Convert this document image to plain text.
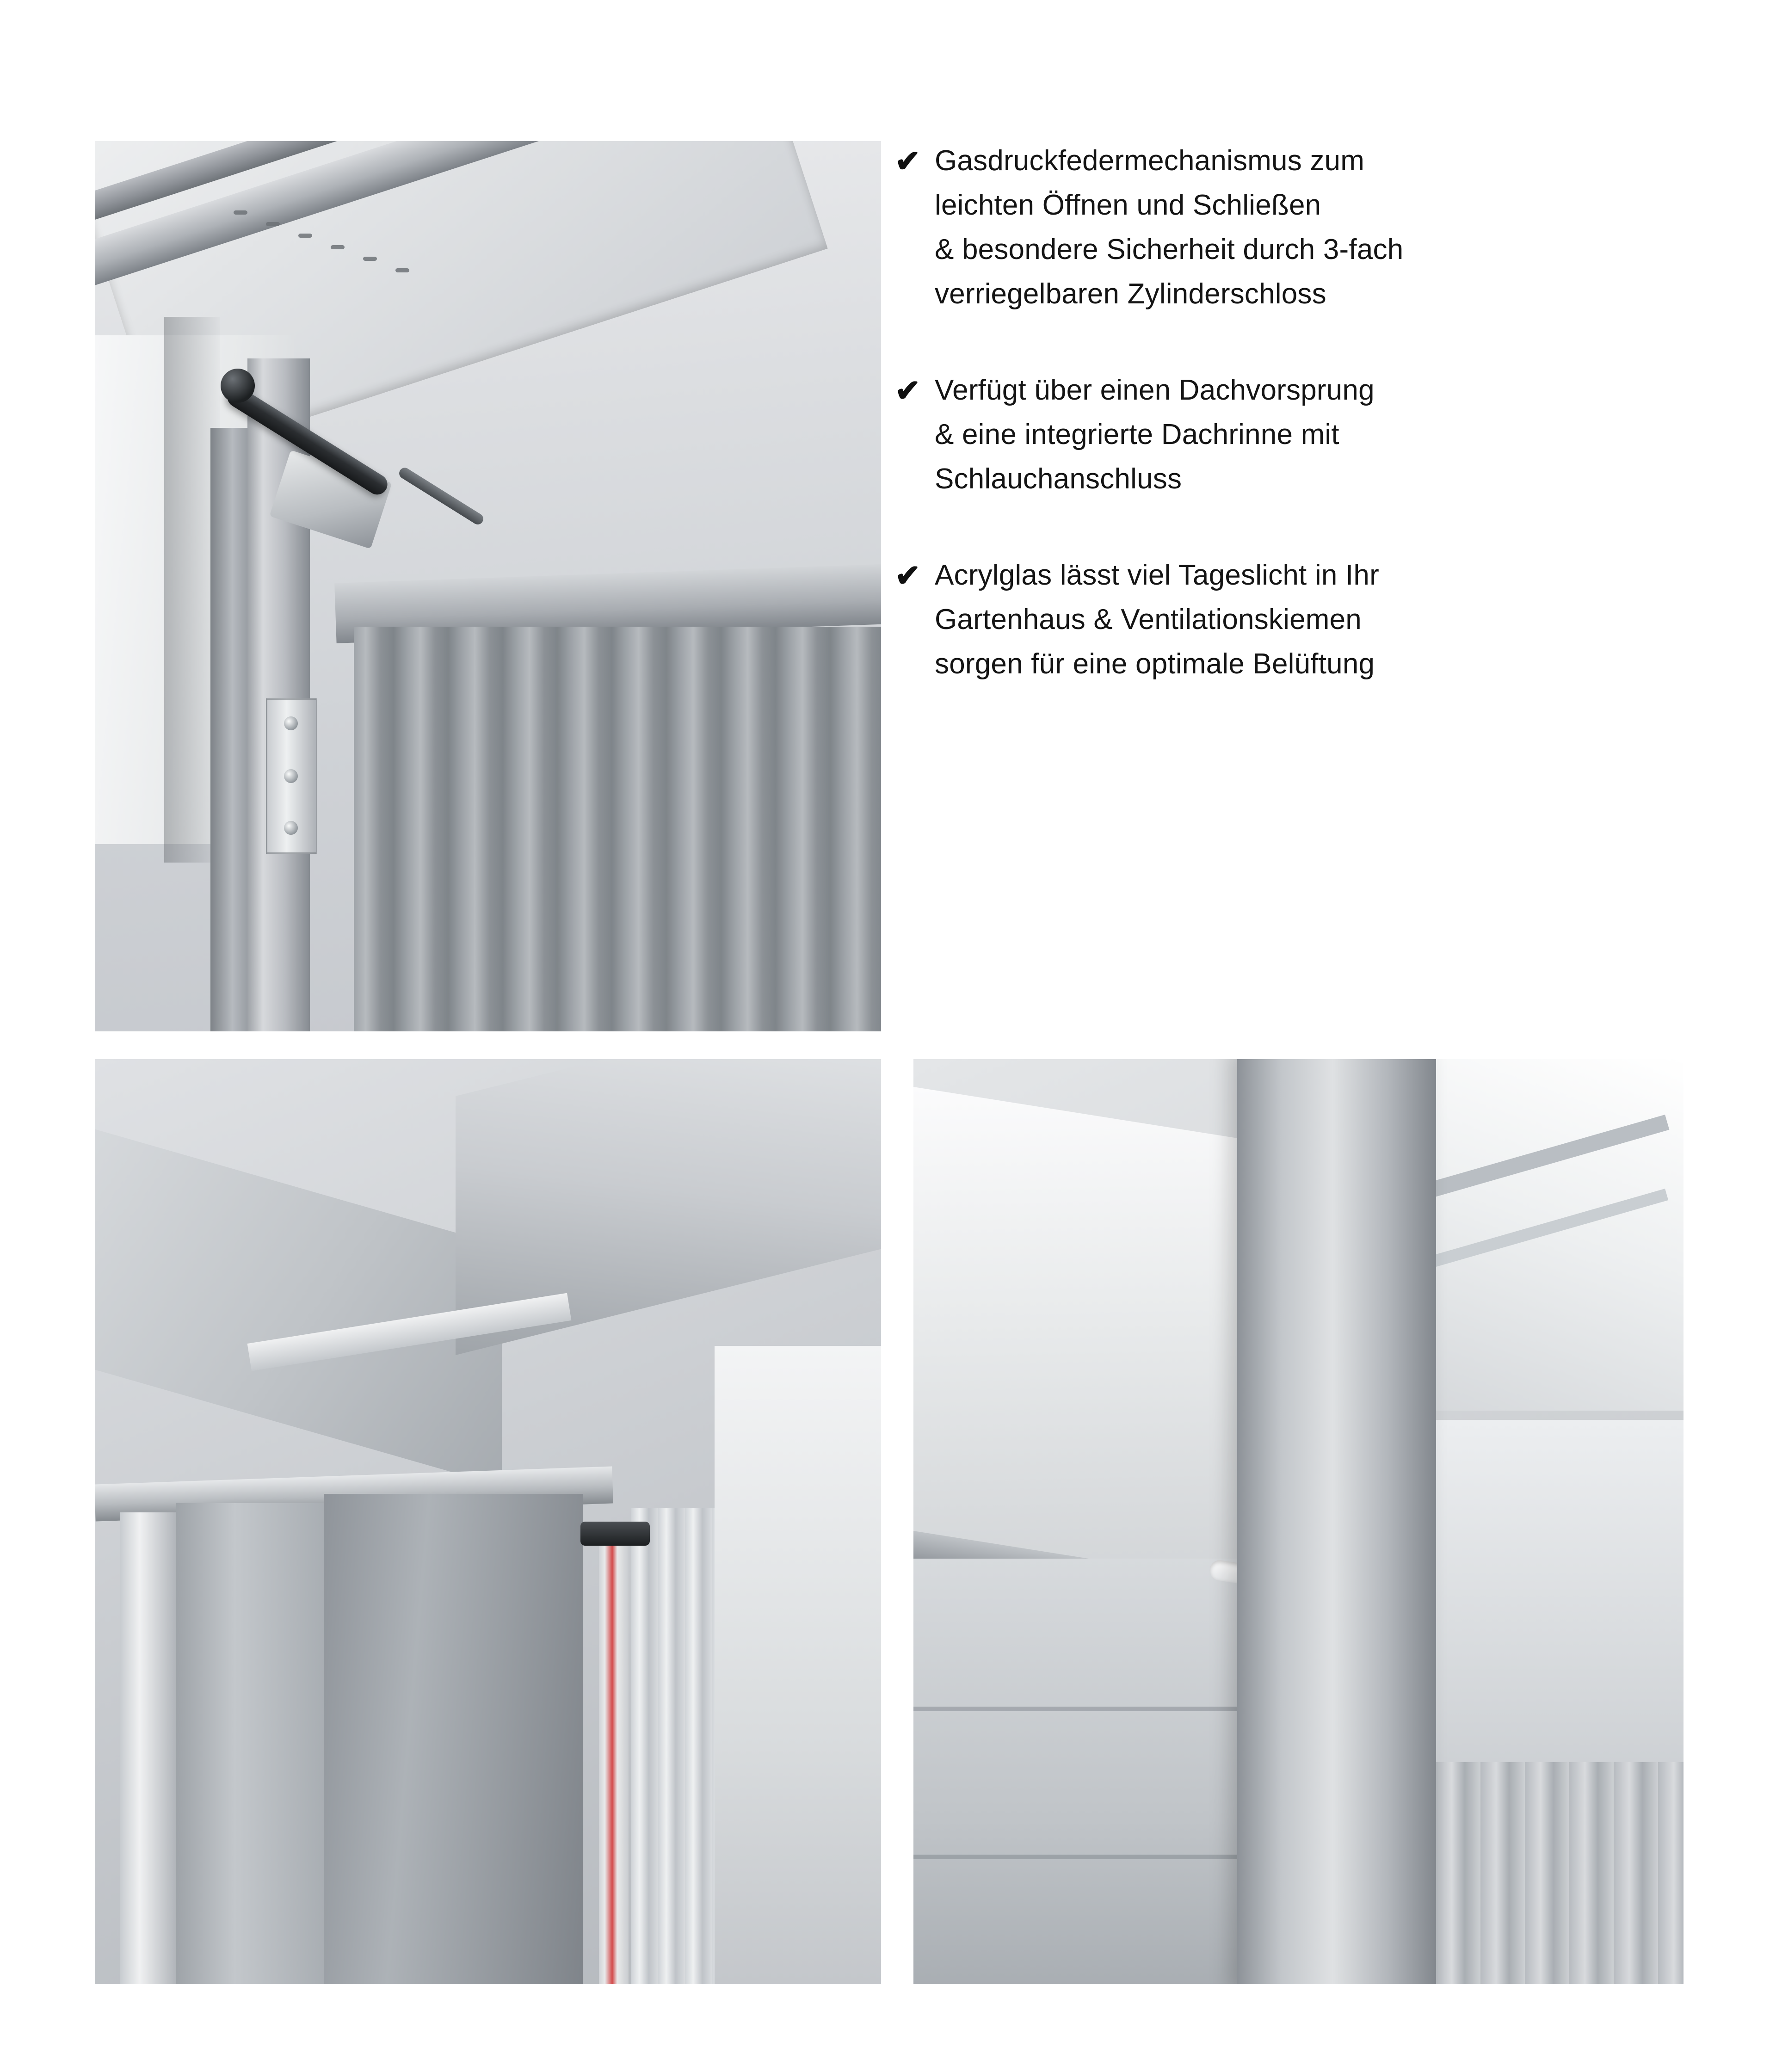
✔ Gasdruckfedermechanismus zum
leichten Öffnen und Schließen
& besondere Sicherheit durch 3-fach
verriegelbaren Zylinderschloss
✔ Verfügt über einen Dachvorsprung
& eine integrierte Dachrinne mit
Schlauchanschluss
✔ Acrylglas lässt viel Tageslicht in Ihr
Gartenhaus & Ventilationskiemen
sorgen für eine optimale Belüftung
